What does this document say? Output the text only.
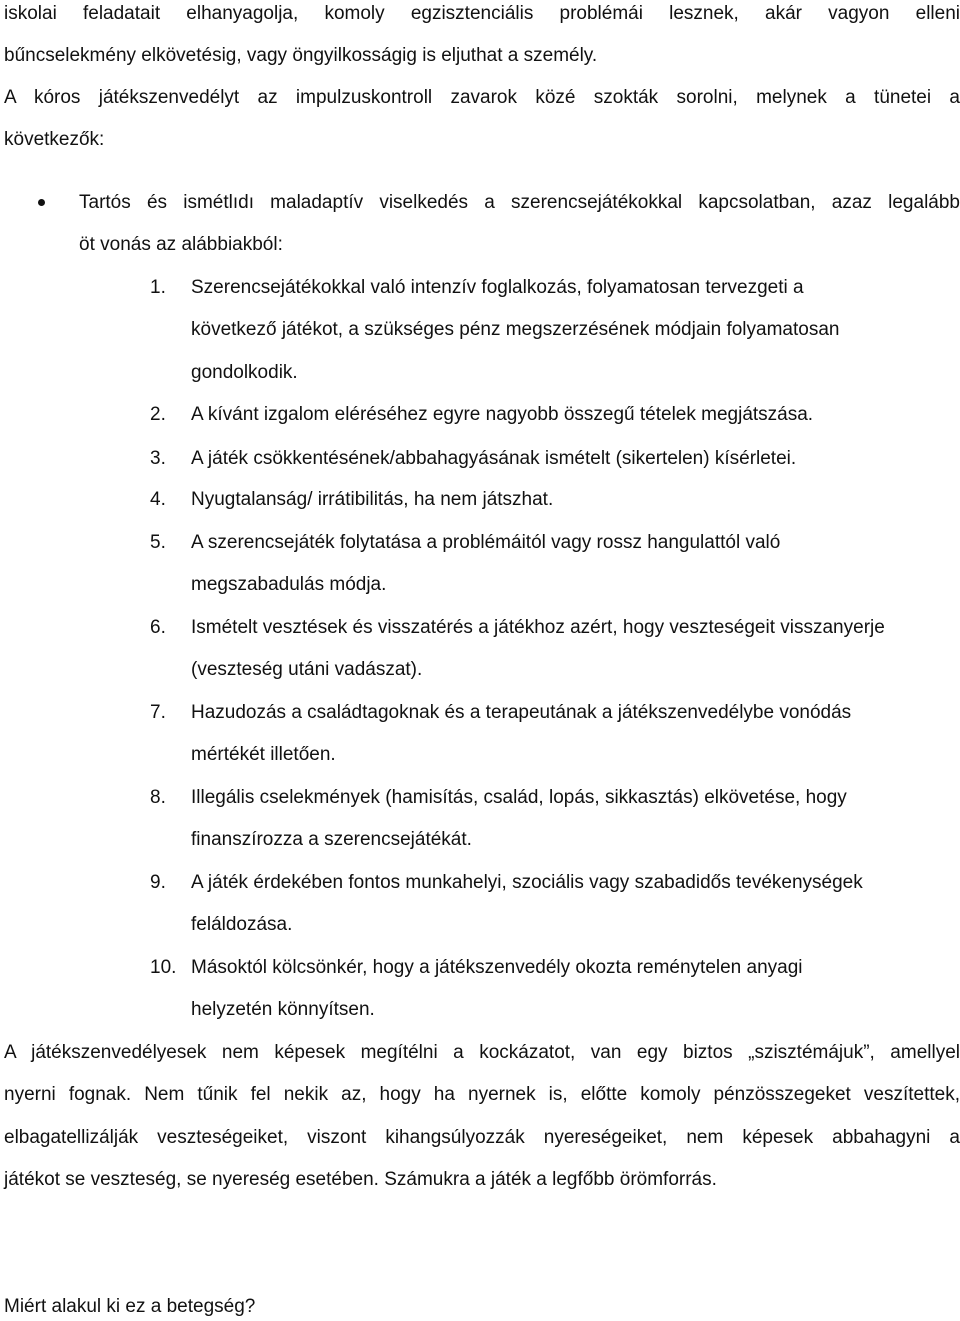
iskolai feladatait elhanyagolja, komoly egzisztenciális problémái lesznek, akár vagyon elleni

bűncselekmény elkövetésig, vagy öngyilkosságig is eljuthat a személy.

A kóros játékszenvedélyt az impulzuskontroll zavarok közé szokták sorolni, melynek a tünetei a

következők:

Tartós és ismétlıdı maladaptív viselkedés a szerencsejátékokkal kapcsolatban, azaz legalább

öt vonás az alábbiakból:

1. Szerencsejátékokkal való intenzív foglalkozás, folyamatosan tervezgeti a

következő játékot, a szükséges pénz megszerzésének módjain folyamatosan

gondolkodik.

2. A kívánt izgalom eléréséhez egyre nagyobb összegű tételek megjátszása.

3. A játék csökkentésének/abbahagyásának ismételt (sikertelen) kísérletei.

4. Nyugtalanság/ irrátibilitás, ha nem játszhat.

5. A szerencsejáték folytatása a problémáitól vagy rossz hangulattól való

megszabadulás módja.

6. Ismételt vesztések és visszatérés a játékhoz azért, hogy veszteségeit visszanyerje

(veszteség utáni vadászat).

7. Hazudozás a családtagoknak és a terapeutának a játékszenvedélybe vonódás

mértékét illetően.

8. Illegális cselekmények (hamisítás, család, lopás, sikkasztás) elkövetése, hogy

finanszírozza a szerencsejátékát.

9. A játék érdekében fontos munkahelyi, szociális vagy szabadidős tevékenységek

feláldozása.

10. Másoktól kölcsönkér, hogy a játékszenvedély okozta reménytelen anyagi

helyzetén könnyítsen.

A játékszenvedélyesek nem képesek megítélni a kockázatot, van egy biztos „szisztémájuk”, amellyel

nyerni fognak. Nem tűnik fel nekik az, hogy ha nyernek is, előtte komoly pénzösszegeket veszítettek,

elbagatellizálják veszteségeiket, viszont kihangsúlyozzák nyereségeiket, nem képesek abbahagyni a

játékot se veszteség, se nyereség esetében. Számukra a játék a legfőbb örömforrás.

Miért alakul ki ez a betegség?
